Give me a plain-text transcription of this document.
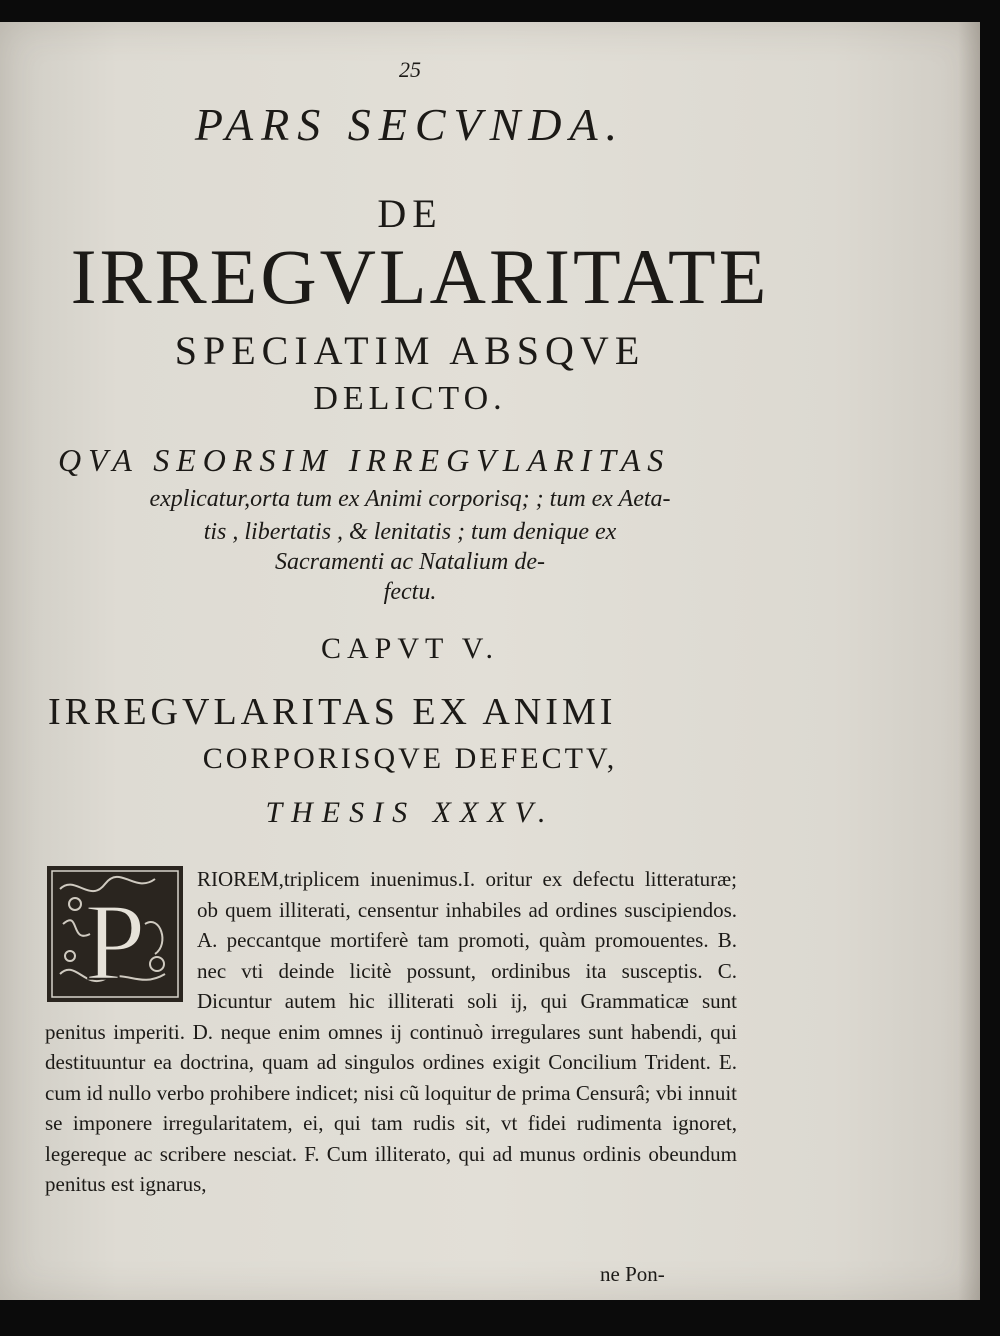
25
PARS SECVNDA.
DE
IRREGVLARITATE
SPECIATIM ABSQVE
DELICTO.
QVA SEORSIM IRREGVLARITAS
explicatur,orta tum ex Animi corporisq; ; tum ex Aeta-
tis , libertatis , & lenitatis ; tum denique ex
Sacramenti ac Natalium de-
fectu.
CAPVT V.
IRREGVLARITAS EX ANIMI
CORPORISQVE DEFECTV,
THESIS XXXV.
P

RIOREM,triplicem inuenimus.I. oritur ex defectu litteraturæ; ob quem illiterati, censentur inhabiles ad ordines suscipiendos. A. peccantque mortiferè tam promoti, quàm promouentes. B. nec vti deinde licitè possunt, ordinibus ita susceptis. C. Dicuntur autem hic illiterati soli ij, qui Grammaticæ sunt penitus imperiti. D. neque enim omnes ij continuò irregulares sunt habendi, qui destituuntur ea doctrina, quam ad singulos ordines exigit Concilium Trident. E. cum id nullo verbo prohibere indicet; nisi cũ loquitur de prima Censurâ; vbi innuit se imponere irregularitatem, ei, qui tam rudis sit, vt fidei rudimenta ignoret, legereque ac scribere nesciat. F. Cum illiterato, qui ad munus ordinis obeundum penitus est ignarus,

ne Pon-
